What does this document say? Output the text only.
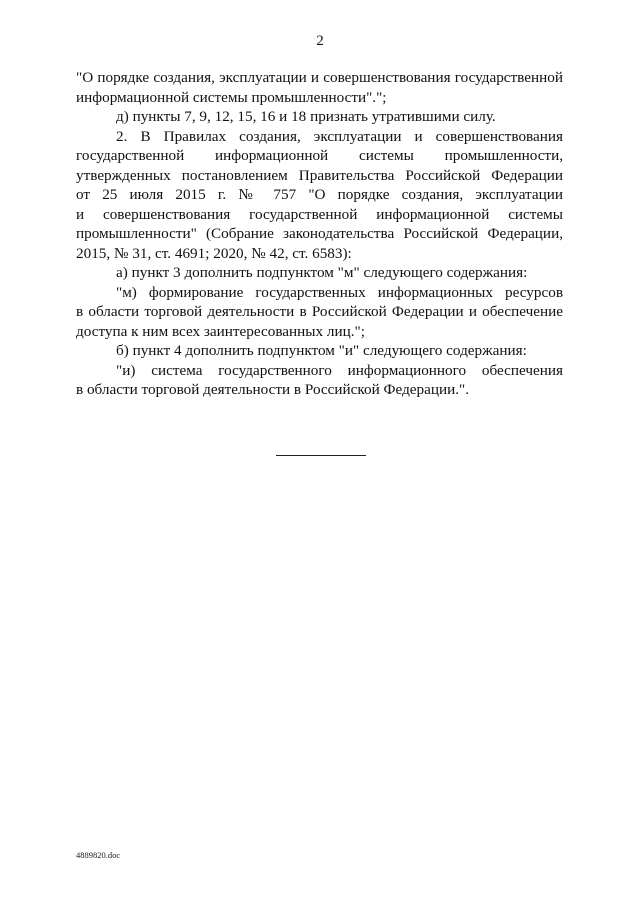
2
"О порядке создания, эксплуатации и совершенствования государственной
информационной системы промышленности".";
д) пункты 7, 9, 12, 15, 16 и 18 признать утратившими силу.
2. В Правилах создания, эксплуатации и совершенствования
государственной информационной системы промышленности,
утвержденных постановлением Правительства Российской Федерации
от 25 июля 2015 г. № 757 "О порядке создания, эксплуатации
и совершенствования государственной информационной системы
промышленности" (Собрание законодательства Российской Федерации,
2015, № 31, ст. 4691; 2020, № 42, ст. 6583):
а) пункт 3 дополнить подпунктом "м" следующего содержания:
"м) формирование государственных информационных ресурсов
в области торговой деятельности в Российской Федерации и обеспечение
доступа к ним всех заинтересованных лиц.";
б) пункт 4 дополнить подпунктом "и" следующего содержания:
"и) система государственного информационного обеспечения
в области торговой деятельности в Российской Федерации.".
4889820.doc
